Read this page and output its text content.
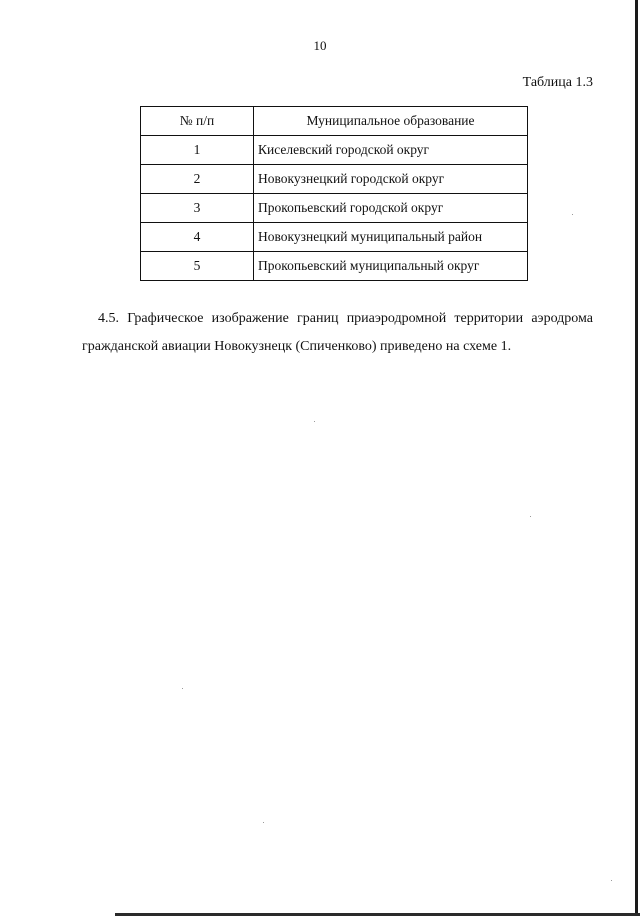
10
Таблица 1.3
№ п/п	Муниципальное образование
1	Киселевский городской округ
2	Новокузнецкий городской округ
3	Прокопьевский городской округ
4	Новокузнецкий муниципальный район
5	Прокопьевский муниципальный округ

4.5. Графическое изображение границ приаэродромной территории аэродрома гражданской авиации Новокузнецк (Спиченково) приведено на схеме 1.
